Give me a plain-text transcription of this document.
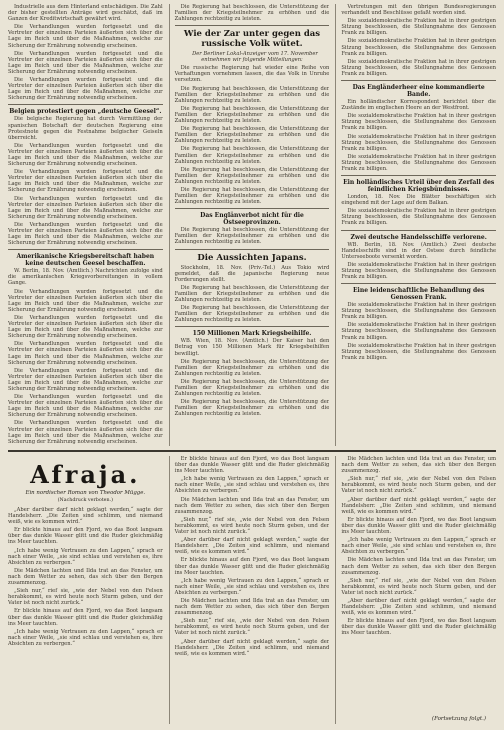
Industrielle aus dem Hinterland entschädigen. Die Zahl der bisher gestellten Anträge wird geschätzt, daß im Ganzen der Kreditwirtschaft gewährt wird.

Die Verhandlungen wurden fortgesetzt und die Vertreter der einzelnen Parteien äußerten sich über die Lage im Reich und über die Maßnahmen, welche zur Sicherung der Ernährung notwendig erscheinen.

Die Verhandlungen wurden fortgesetzt und die Vertreter der einzelnen Parteien äußerten sich über die Lage im Reich und über die Maßnahmen, welche zur Sicherung der Ernährung notwendig erscheinen.

Die Verhandlungen wurden fortgesetzt und die Vertreter der einzelnen Parteien äußerten sich über die Lage im Reich und über die Maßnahmen, welche zur Sicherung der Ernährung notwendig erscheinen.

Belgien protestiert gegen „deutsche Geesel“.

Die belgische Regierung hat durch Vermittlung der spanischen Botschaft der deutschen Regierung eine Protestnote gegen die Festnahme belgischer Geiseln überreicht.

Die Verhandlungen wurden fortgesetzt und die Vertreter der einzelnen Parteien äußerten sich über die Lage im Reich und über die Maßnahmen, welche zur Sicherung der Ernährung notwendig erscheinen.

Die Verhandlungen wurden fortgesetzt und die Vertreter der einzelnen Parteien äußerten sich über die Lage im Reich und über die Maßnahmen, welche zur Sicherung der Ernährung notwendig erscheinen.

Die Verhandlungen wurden fortgesetzt und die Vertreter der einzelnen Parteien äußerten sich über die Lage im Reich und über die Maßnahmen, welche zur Sicherung der Ernährung notwendig erscheinen.

Die Verhandlungen wurden fortgesetzt und die Vertreter der einzelnen Parteien äußerten sich über die Lage im Reich und über die Maßnahmen, welche zur Sicherung der Ernährung notwendig erscheinen.

Amerikanische Kriegsbereitschaft haben keine deutschen Geesel beschaffen.

W. Berlin, 18. Nov. (Amtlich.) Nachrichten zufolge sind die amerikanischen Kriegsvorbereitungen in vollem Gange.

Die Verhandlungen wurden fortgesetzt und die Vertreter der einzelnen Parteien äußerten sich über die Lage im Reich und über die Maßnahmen, welche zur Sicherung der Ernährung notwendig erscheinen.

Die Verhandlungen wurden fortgesetzt und die Vertreter der einzelnen Parteien äußerten sich über die Lage im Reich und über die Maßnahmen, welche zur Sicherung der Ernährung notwendig erscheinen.

Die Verhandlungen wurden fortgesetzt und die Vertreter der einzelnen Parteien äußerten sich über die Lage im Reich und über die Maßnahmen, welche zur Sicherung der Ernährung notwendig erscheinen.

Die Verhandlungen wurden fortgesetzt und die Vertreter der einzelnen Parteien äußerten sich über die Lage im Reich und über die Maßnahmen, welche zur Sicherung der Ernährung notwendig erscheinen.

Die Verhandlungen wurden fortgesetzt und die Vertreter der einzelnen Parteien äußerten sich über die Lage im Reich und über die Maßnahmen, welche zur Sicherung der Ernährung notwendig erscheinen.

Die Verhandlungen wurden fortgesetzt und die Vertreter der einzelnen Parteien äußerten sich über die Lage im Reich und über die Maßnahmen, welche zur Sicherung der Ernährung notwendig erscheinen.

Die Regierung hat beschlossen, die Unterstützung der Familien der Kriegsteilnehmer zu erhöhen und die Zahlungen rechtzeitig zu leisten.

Wie der Zar unter gegen das russische Volk wütet.

Der Berliner Lokal-Anzeiger vom 17. November entnehmen wir folgende Mitteilungen:

Die russische Regierung hat wieder eine Reihe von Verhaftungen vornehmen lassen, die das Volk in Unruhe versetzen.

Die Regierung hat beschlossen, die Unterstützung der Familien der Kriegsteilnehmer zu erhöhen und die Zahlungen rechtzeitig zu leisten.

Die Regierung hat beschlossen, die Unterstützung der Familien der Kriegsteilnehmer zu erhöhen und die Zahlungen rechtzeitig zu leisten.

Die Regierung hat beschlossen, die Unterstützung der Familien der Kriegsteilnehmer zu erhöhen und die Zahlungen rechtzeitig zu leisten.

Die Regierung hat beschlossen, die Unterstützung der Familien der Kriegsteilnehmer zu erhöhen und die Zahlungen rechtzeitig zu leisten.

Die Regierung hat beschlossen, die Unterstützung der Familien der Kriegsteilnehmer zu erhöhen und die Zahlungen rechtzeitig zu leisten.

Die Regierung hat beschlossen, die Unterstützung der Familien der Kriegsteilnehmer zu erhöhen und die Zahlungen rechtzeitig zu leisten.

Das Englänverbot nicht für die Ostseeprovinzen.

Die Regierung hat beschlossen, die Unterstützung der Familien der Kriegsteilnehmer zu erhöhen und die Zahlungen rechtzeitig zu leisten.

Die Aussichten Japans.

Stockholm, 18. Nov. (Priv.-Tel.) Aus Tokio wird gemeldet, daß die japanische Regierung neue Forderungen stellt.

Die Regierung hat beschlossen, die Unterstützung der Familien der Kriegsteilnehmer zu erhöhen und die Zahlungen rechtzeitig zu leisten.

Die Regierung hat beschlossen, die Unterstützung der Familien der Kriegsteilnehmer zu erhöhen und die Zahlungen rechtzeitig zu leisten.

150 Millionen Mark Kriegsbeihilfe.

WB. Wien, 18. Nov. (Amtlich.) Der Kaiser hat den Betrag von 150 Millionen Mark für Kriegsbeihilfen bewilligt.

Die Regierung hat beschlossen, die Unterstützung der Familien der Kriegsteilnehmer zu erhöhen und die Zahlungen rechtzeitig zu leisten.

Die Regierung hat beschlossen, die Unterstützung der Familien der Kriegsteilnehmer zu erhöhen und die Zahlungen rechtzeitig zu leisten.

Die Regierung hat beschlossen, die Unterstützung der Familien der Kriegsteilnehmer zu erhöhen und die Zahlungen rechtzeitig zu leisten.

Vertretungen mit den übrigen Bundesregierungen verhandelt und Beschlüsse gefaßt worden sind.

Die sozialdemokratische Fraktion hat in ihrer gestrigen Sitzung beschlossen, die Stellungnahme des Genossen Frank zu billigen.

Die sozialdemokratische Fraktion hat in ihrer gestrigen Sitzung beschlossen, die Stellungnahme des Genossen Frank zu billigen.

Die sozialdemokratische Fraktion hat in ihrer gestrigen Sitzung beschlossen, die Stellungnahme des Genossen Frank zu billigen.

Das Engländerheer eine kommandierte Bande.

Ein holländischer Korrespondent berichtet über die Zustände im englischen Heere an der Westfront.

Die sozialdemokratische Fraktion hat in ihrer gestrigen Sitzung beschlossen, die Stellungnahme des Genossen Frank zu billigen.

Die sozialdemokratische Fraktion hat in ihrer gestrigen Sitzung beschlossen, die Stellungnahme des Genossen Frank zu billigen.

Die sozialdemokratische Fraktion hat in ihrer gestrigen Sitzung beschlossen, die Stellungnahme des Genossen Frank zu billigen.

Ein holländisches Urteil über den Zerfall des feindlichen Kriegsbündnisses.

London, 18. Nov. Die Blätter beschäftigen sich eingehend mit der Lage auf dem Balkan.

Die sozialdemokratische Fraktion hat in ihrer gestrigen Sitzung beschlossen, die Stellungnahme des Genossen Frank zu billigen.

Zwei deutsche Handelsschiffe verlorene.

WB. Berlin, 18. Nov. (Amtlich.) Zwei deutsche Handelsschiffe sind in der Ostsee durch feindliche Unterseeboote versenkt worden.

Die sozialdemokratische Fraktion hat in ihrer gestrigen Sitzung beschlossen, die Stellungnahme des Genossen Frank zu billigen.

Eine leidenschaftliche Behandlung des Genossen Frank.

Die sozialdemokratische Fraktion hat in ihrer gestrigen Sitzung beschlossen, die Stellungnahme des Genossen Frank zu billigen.

Die sozialdemokratische Fraktion hat in ihrer gestrigen Sitzung beschlossen, die Stellungnahme des Genossen Frank zu billigen.

Die sozialdemokratische Fraktion hat in ihrer gestrigen Sitzung beschlossen, die Stellungnahme des Genossen Frank zu billigen.

Afraja.
Ein nordischer Roman von Theodor Mügge.
(Nachdruck verboten.)

„Aber darüber darf nicht geklagt werden,“ sagte der Handelsherr. „Die Zeiten sind schlimm, und niemand weiß, wie es kommen wird.“

Er blickte hinaus auf den Fjord, wo das Boot langsam über das dunkle Wasser glitt und die Ruder gleichmäßig ins Meer tauchten.

„Ich habe wenig Vertrauen zu den Lappen,“ sprach er nach einer Weile, „sie sind schlau und verstehen es, ihre Absichten zu verbergen.“

Die Mädchen lachten und Ilda trat an das Fenster, um nach dem Wetter zu sehen, das sich über den Bergen zusammenzog.

„Sieh nur,“ rief sie, „wie der Nebel von den Felsen herabkommt, es wird heute noch Sturm geben, und der Vater ist noch nicht zurück.“

Er blickte hinaus auf den Fjord, wo das Boot langsam über das dunkle Wasser glitt und die Ruder gleichmäßig ins Meer tauchten.

„Ich habe wenig Vertrauen zu den Lappen,“ sprach er nach einer Weile, „sie sind schlau und verstehen es, ihre Absichten zu verbergen.“

Er blickte hinaus auf den Fjord, wo das Boot langsam über das dunkle Wasser glitt und die Ruder gleichmäßig ins Meer tauchten.

„Ich habe wenig Vertrauen zu den Lappen,“ sprach er nach einer Weile, „sie sind schlau und verstehen es, ihre Absichten zu verbergen.“

Die Mädchen lachten und Ilda trat an das Fenster, um nach dem Wetter zu sehen, das sich über den Bergen zusammenzog.

„Sieh nur,“ rief sie, „wie der Nebel von den Felsen herabkommt, es wird heute noch Sturm geben, und der Vater ist noch nicht zurück.“

„Aber darüber darf nicht geklagt werden,“ sagte der Handelsherr. „Die Zeiten sind schlimm, und niemand weiß, wie es kommen wird.“

Er blickte hinaus auf den Fjord, wo das Boot langsam über das dunkle Wasser glitt und die Ruder gleichmäßig ins Meer tauchten.

„Ich habe wenig Vertrauen zu den Lappen,“ sprach er nach einer Weile, „sie sind schlau und verstehen es, ihre Absichten zu verbergen.“

Die Mädchen lachten und Ilda trat an das Fenster, um nach dem Wetter zu sehen, das sich über den Bergen zusammenzog.

„Sieh nur,“ rief sie, „wie der Nebel von den Felsen herabkommt, es wird heute noch Sturm geben, und der Vater ist noch nicht zurück.“

„Aber darüber darf nicht geklagt werden,“ sagte der Handelsherr. „Die Zeiten sind schlimm, und niemand weiß, wie es kommen wird.“

Die Mädchen lachten und Ilda trat an das Fenster, um nach dem Wetter zu sehen, das sich über den Bergen zusammenzog.

„Sieh nur,“ rief sie, „wie der Nebel von den Felsen herabkommt, es wird heute noch Sturm geben, und der Vater ist noch nicht zurück.“

„Aber darüber darf nicht geklagt werden,“ sagte der Handelsherr. „Die Zeiten sind schlimm, und niemand weiß, wie es kommen wird.“

Er blickte hinaus auf den Fjord, wo das Boot langsam über das dunkle Wasser glitt und die Ruder gleichmäßig ins Meer tauchten.

„Ich habe wenig Vertrauen zu den Lappen,“ sprach er nach einer Weile, „sie sind schlau und verstehen es, ihre Absichten zu verbergen.“

Die Mädchen lachten und Ilda trat an das Fenster, um nach dem Wetter zu sehen, das sich über den Bergen zusammenzog.

„Sieh nur,“ rief sie, „wie der Nebel von den Felsen herabkommt, es wird heute noch Sturm geben, und der Vater ist noch nicht zurück.“

„Aber darüber darf nicht geklagt werden,“ sagte der Handelsherr. „Die Zeiten sind schlimm, und niemand weiß, wie es kommen wird.“

Er blickte hinaus auf den Fjord, wo das Boot langsam über das dunkle Wasser glitt und die Ruder gleichmäßig ins Meer tauchten.

(Fortsetzung folgt.)
